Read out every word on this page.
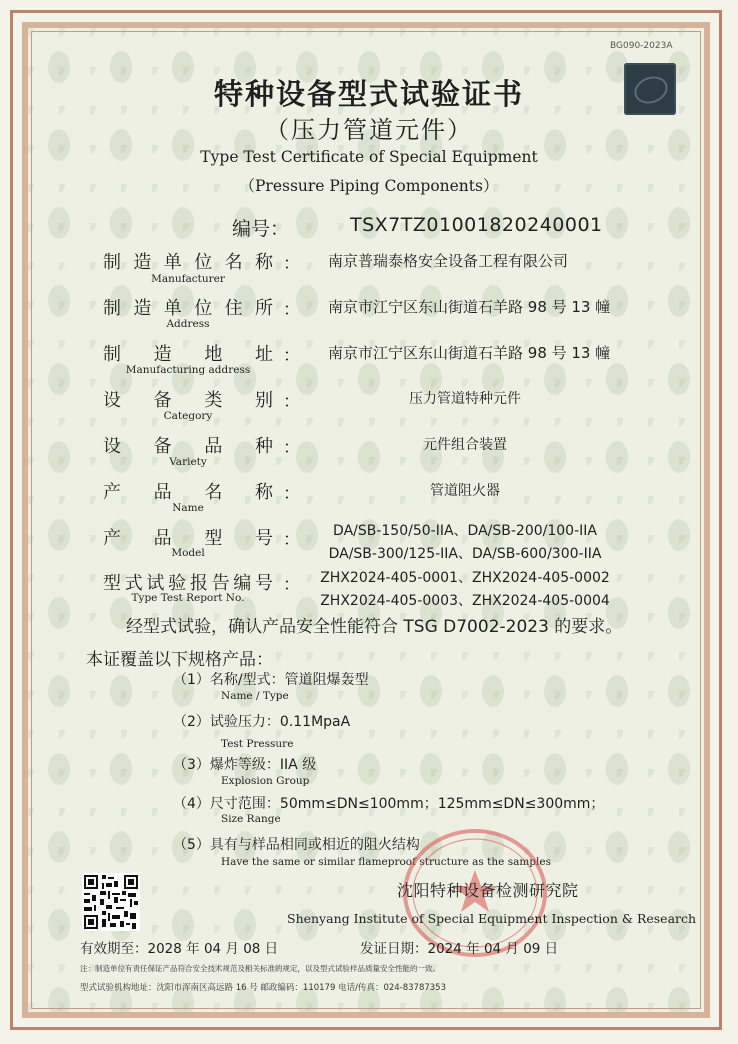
BG090-2023A
特种设备型式试验证书
（压力管道元件）
Type Test Certificate of Special Equipment
（Pressure Piping Components）
编号：	TSX7TZ01001820240001
制造单位名称 ：
Manufacturer
南京普瑞泰格安全设备工程有限公司
制造单位住所 ：
Address
南京市江宁区东山街道石羊路 98 号 13 幢
制造地址 ：
Manufacturing address
南京市江宁区东山街道石羊路 98 号 13 幢
设备类别 ：
Category
压力管道特种元件
设备品种 ：
Variety
元件组合装置
产品名称 ：
Name
管道阻火器
产品型号 ：
Model
DA/SB-150/50-IIA、DA/SB-200/100-IIA
DA/SB-300/125-IIA、DA/SB-600/300-IIA
型式试验报告编号 ：
Type Test Report No.
ZHX2024-405-0001、ZHX2024-405-0002
ZHX2024-405-0003、ZHX2024-405-0004
经型式试验，确认产品安全性能符合 TSG D7002-2023 的要求。
本证覆盖以下规格产品：
（1）名称/型式：管道阻爆轰型
Name / Type
（2）试验压力：0.11MpaA
Test Pressure
（3）爆炸等级：IIA 级
Explosion Group
（4）尺寸范围：50mm≤DN≤100mm；125mm≤DN≤300mm；
Size Range
（5）具有与样品相同或相近的阻火结构
Have the same or similar flameproof structure as the samples
沈阳特种设备检测研究院
Shenyang Institute of Special Equipment Inspection & Research
有效期至：2028 年 04 月 08 日	发证日期：2024 年 04 月 09 日
注：制造单位有责任保证产品符合安全技术规范及相关标准的规定，以及型式试验样品质量安全性能的一致。
型式试验机构地址：沈阳市浑南区高远路 16 号 邮政编码：110179 电话/传真：024-83787353
